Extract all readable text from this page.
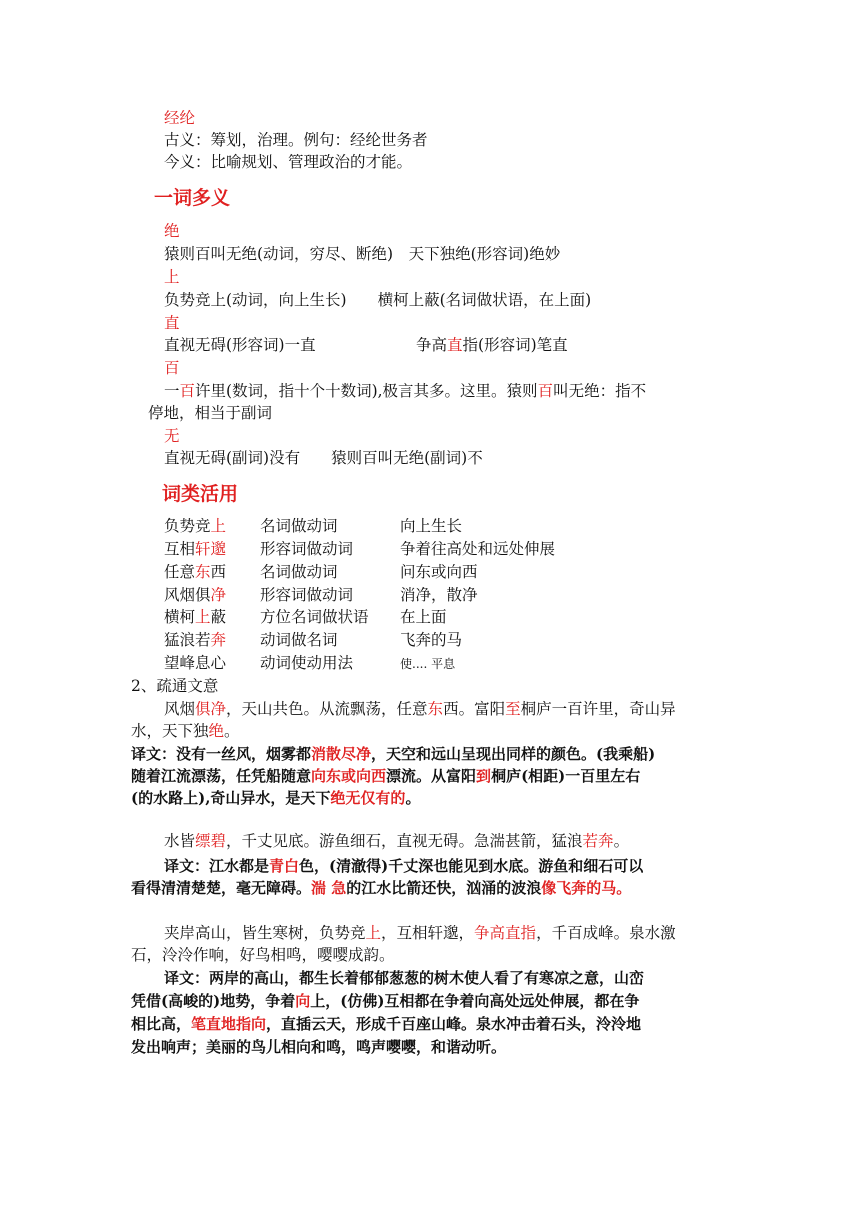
经纶
古义：筹划，治理。例句：经纶世务者
今义：比喻规划、管理政治的才能。
一词多义
绝
猿则百叫无绝(动词，穷尽、断绝)　天下独绝(形容词)绝妙
上
负势竞上(动词，向上生长)　　横柯上蔽(名词做状语，在上面)
直
直视无碍(形容词)一直	争高直指(形容词)笔直
百
一百许里(数词，指十个十数词),极言其多。这里。猿则百叫无绝：指不
停地，相当于副词
无
直视无碍(副词)没有　　猿则百叫无绝(副词)不
词类活用
负势竞上 名词做动词	向上生长
互相轩邈 形容词做动词	争着往高处和远处伸展
任意东西 名词做动词	问东或向西
风烟俱净 形容词做动词	消净，散净
横柯上蔽 方位名词做状语 在上面
猛浪若奔 动词做名词	飞奔的马
望峰息心 动词使动用法	使.... 平息
2、疏通文意
风烟俱净，天山共色。从流飘荡，任意东西。富阳至桐庐一百许里，奇山异
水，天下独绝。
译文：没有一丝风，烟雾都消散尽净，天空和远山呈现出同样的颜色。(我乘船)
随着江流漂荡，任凭船随意向东或向西漂流。从富阳到桐庐(相距)一百里左右
(的水路上),奇山异水，是天下绝无仅有的。
水皆缥碧，千丈见底。游鱼细石，直视无碍。急湍甚箭，猛浪若奔。
译文：江水都是青白色，(清澈得)千丈深也能见到水底。游鱼和细石可以
看得清清楚楚，毫无障碍。湍 急的江水比箭还快，汹涌的波浪像飞奔的马。
夹岸高山，皆生寒树，负势竞上，互相轩邈，争高直指，千百成峰。泉水激
石，泠泠作响，好鸟相鸣，嘤嘤成韵。
译文：两岸的高山，都生长着郁郁葱葱的树木使人看了有寒凉之意，山峦
凭借(高峻的)地势，争着向上，(仿佛)互相都在争着向高处远处伸展，都在争
相比高，笔直地指向，直插云天，形成千百座山峰。泉水冲击着石头，泠泠地
发出响声；美丽的鸟儿相向和鸣，鸣声嘤嘤，和谐动听。
